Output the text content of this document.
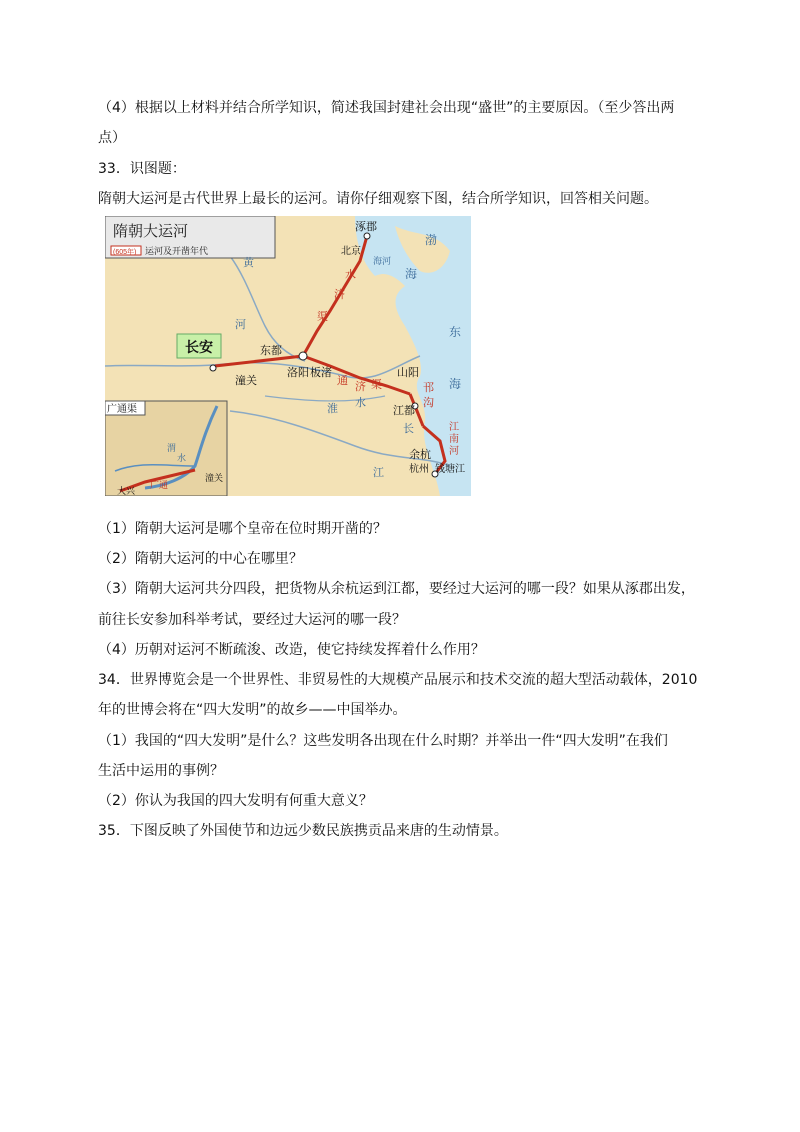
（4）根据以上材料并结合所学知识，简述我国封建社会出现“盛世”的主要原因。（至少答出两
点）
33．识图题：
隋朝大运河是古代世界上最长的运河。请你仔细观察下图，结合所学知识，回答相关问题。
隋朝大运河
(605年) 运河及开凿年代
长安
涿郡
北京
渤
海
海河
水
济
渠
黄
河	东
海
潼关
东都
洛阳 板渚
通 济 渠
山阳
邗
沟
淮 水
江都
长
江
江
南
河
余杭
杭州 钱塘江
广通渠
渭
水
潼关
大兴
广通
（1）隋朝大运河是哪个皇帝在位时期开凿的？
（2）隋朝大运河的中心在哪里？
（3）隋朝大运河共分四段，把货物从余杭运到江都，要经过大运河的哪一段？如果从涿郡出发，
前往长安参加科举考试，要经过大运河的哪一段？
（4）历朝对运河不断疏浚、改造，使它持续发挥着什么作用？
34．世界博览会是一个世界性、非贸易性的大规模产品展示和技术交流的超大型活动载体，2010
年的世博会将在“四大发明”的故乡——中国举办。
（1）我国的“四大发明”是什么？这些发明各出现在什么时期？并举出一件“四大发明”在我们
生活中运用的事例？
（2）你认为我国的四大发明有何重大意义？
35．下图反映了外国使节和边远少数民族携贡品来唐的生动情景。
